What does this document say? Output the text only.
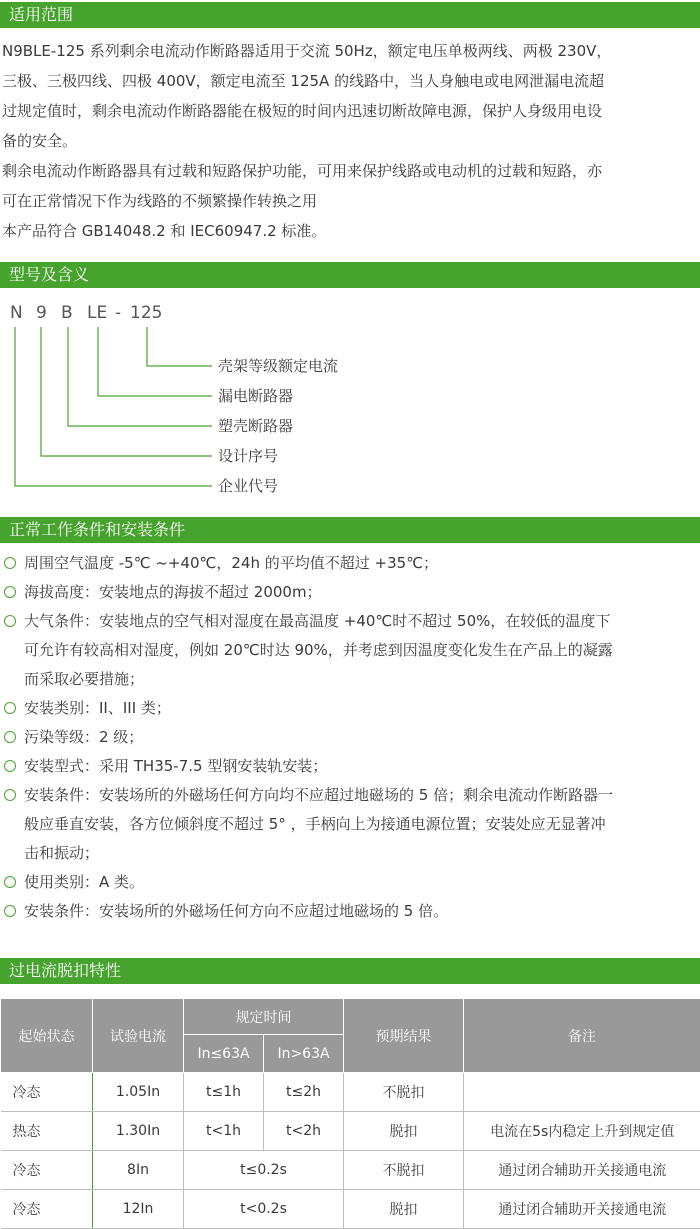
适用范围
N9BLE-125 系列剩余电流动作断路器适用于交流 50Hz，额定电压单极两线、两极 230V，
三极、三极四线、四极 400V，额定电流至 125A 的线路中，当人身触电或电网泄漏电流超
过规定值时，剩余电流动作断路器能在极短的时间内迅速切断故障电源，保护人身级用电设
备的安全。
剩余电流动作断路器具有过载和短路保护功能，可用来保护线路或电动机的过载和短路，亦
可在正常情况下作为线路的不频繁操作转换之用
本产品符合 GB14048.2 和 IEC60947.2 标准。
型号及含义
N 9 B LE - 125
壳架等级额定电流
漏电断路器
塑壳断路器
设计序号
企业代号
正常工作条件和安装条件
周围空气温度 -5℃ ~+40℃，24h 的平均值不超过 +35℃；
海拔高度：安装地点的海拔不超过 2000m；
大气条件：安装地点的空气相对湿度在最高温度 +40℃时不超过 50%，在较低的温度下
可允许有较高相对湿度，例如 20℃时达 90%，并考虑到因温度变化发生在产品上的凝露
而采取必要措施；
安装类别：II、III 类；
污染等级：2 级；
安装型式：采用 TH35-7.5 型钢安装轨安装；
安装条件：安装场所的外磁场任何方向均不应超过地磁场的 5 倍；剩余电流动作断路器一
般应垂直安装，各方位倾斜度不超过 5° ，手柄向上为接通电源位置；安装处应无显著冲
击和振动；
使用类别：A 类。
安装条件：安装场所的外磁场任何方向不应超过地磁场的 5 倍。
过电流脱扣特性
起始状态	试验电流	规定时间		预期结果	备注
		In≤63A	In>63A		
冷态	1.05In	t≤1h	t≤2h	不脱扣	
热态	1.30In	t<1h	t<2h	脱扣	电流在5s内稳定上升到规定值
冷态	8In	t≤0.2s		不脱扣	通过闭合辅助开关接通电流
冷态	12In	t<0.2s		脱扣	通过闭合辅助开关接通电流
